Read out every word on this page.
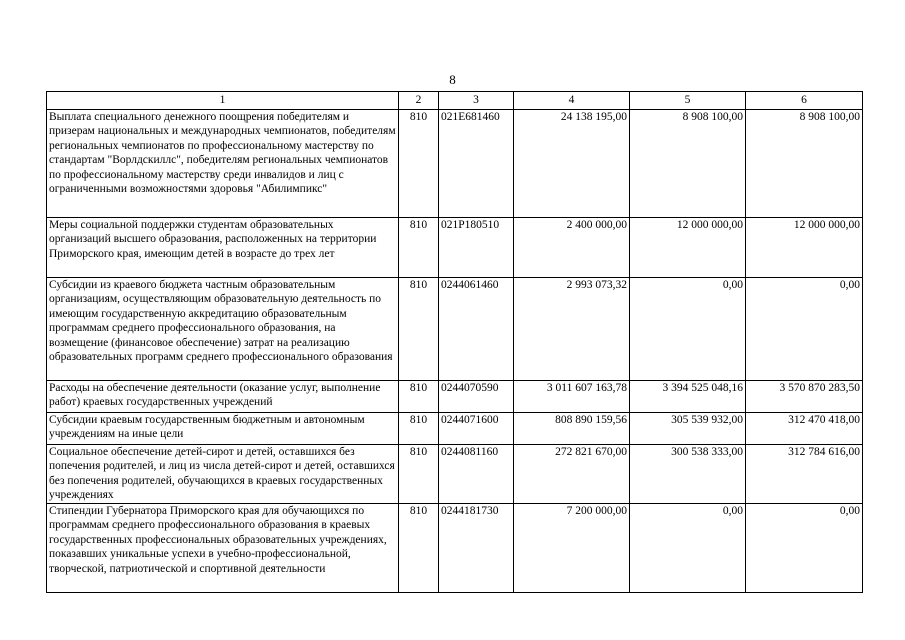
8
1	2	3	4	5	6
Выплата специального денежного поощрения победителям и призерам национальных и международных чемпионатов, победителям региональных чемпионатов по профессиональному мастерству по стандартам "Ворлдскиллс", победителям региональных чемпионатов по профессиональному мастерству среди инвалидов и лиц с ограниченными возможностями здоровья "Абилимпикс"	810	021Е681460	24 138 195,00	8 908 100,00	8 908 100,00
Меры социальной поддержки студентам образовательных организаций высшего образования, расположенных на территории Приморского края, имеющим детей в возрасте до трех лет	810	021Р180510	2 400 000,00	12 000 000,00	12 000 000,00
Субсидии из краевого бюджета частным образовательным организациям, осуществляющим образовательную деятельность по имеющим государственную аккредитацию образовательным программам среднего профессионального образования, на возмещение (финансовое обеспечение) затрат на реализацию образовательных программ среднего профессионального образования	810	0244061460	2 993 073,32	0,00	0,00
Расходы на обеспечение деятельности (оказание услуг, выполнение работ) краевых государственных учреждений	810	0244070590	3 011 607 163,78	3 394 525 048,16	3 570 870 283,50
Субсидии краевым государственным бюджетным и автономным учреждениям на иные цели	810	0244071600	808 890 159,56	305 539 932,00	312 470 418,00
Социальное обеспечение детей-сирот и детей, оставшихся без попечения родителей, и лиц из числа детей-сирот и детей, оставшихся без попечения родителей, обучающихся в краевых государственных учреждениях	810	0244081160	272 821 670,00	300 538 333,00	312 784 616,00
Стипендии Губернатора Приморского края для обучающихся по программам среднего профессионального образования в краевых государственных профессиональных образовательных учреждениях, показавших уникальные успехи в учебно-профессиональной, творческой, патриотической и спортивной деятельности	810	0244181730	7 200 000,00	0,00	0,00
